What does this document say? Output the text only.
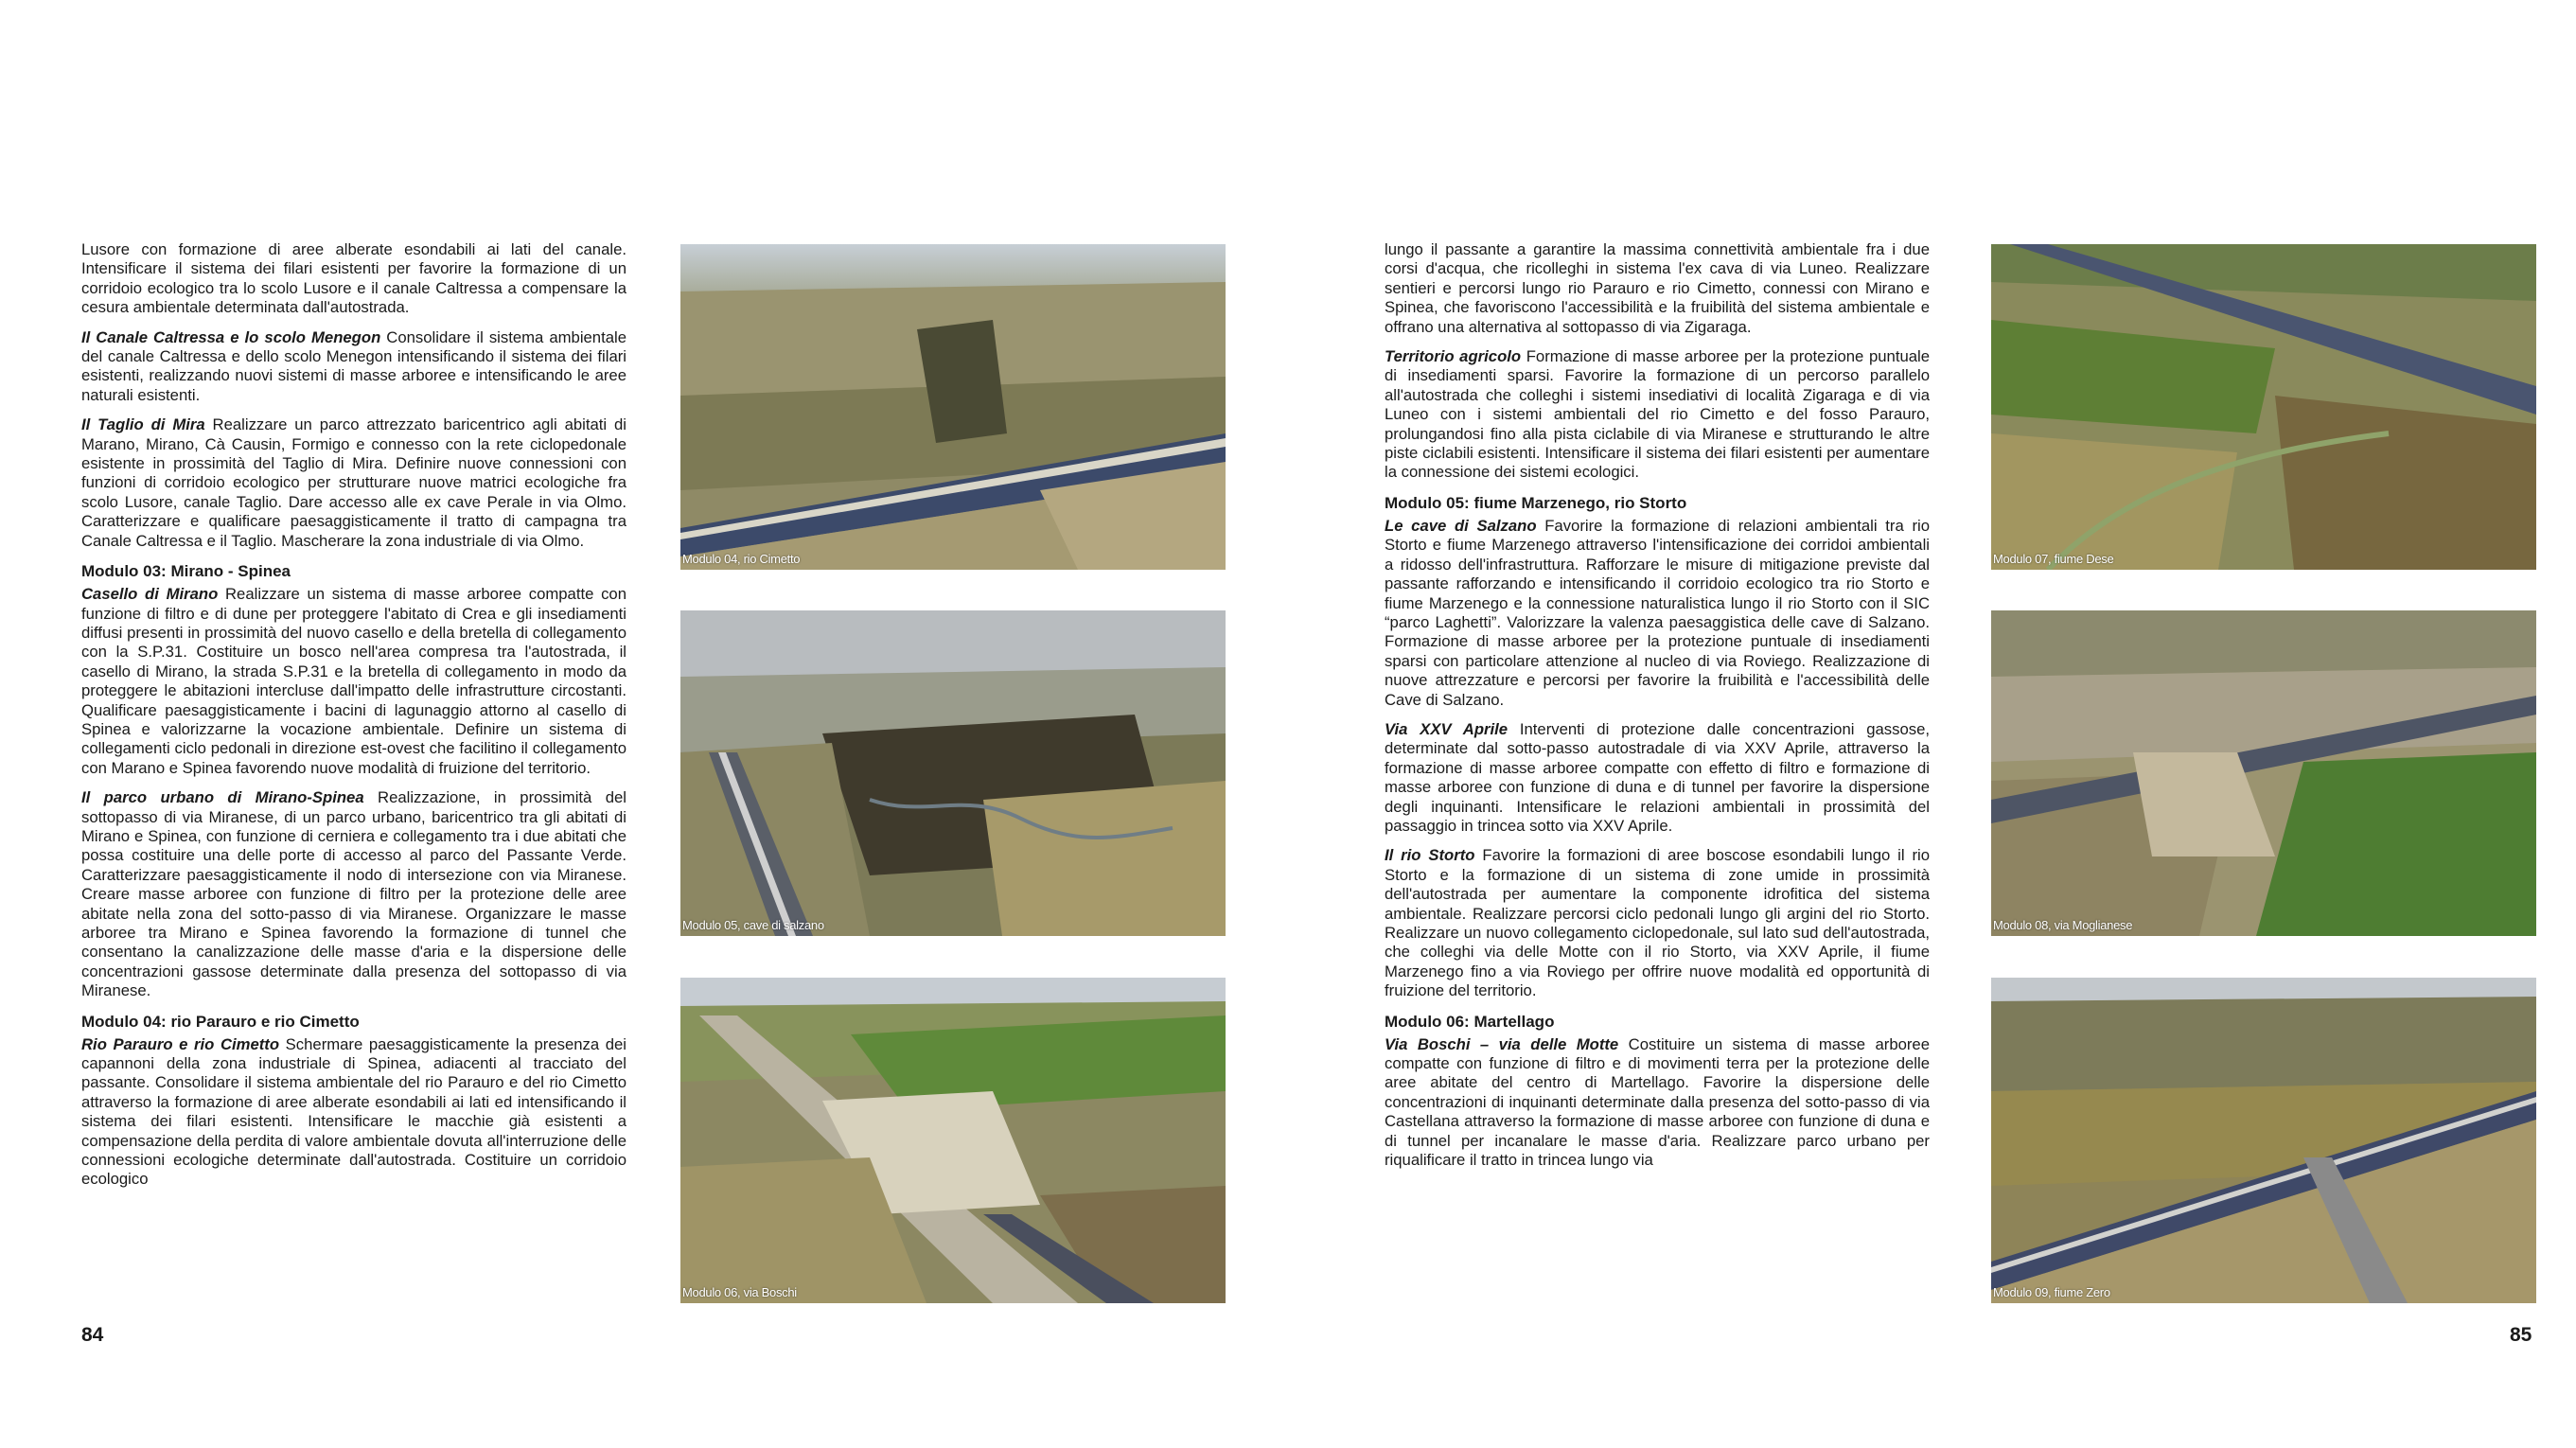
Lusore con formazione di aree alberate esondabili ai lati del canale. Intensificare il sistema dei filari esistenti per favorire la formazione di un corridoio ecologico tra lo scolo Lusore e il canale Caltressa a compensare la cesura ambientale determinata dall'autostrada.

Il Canale Caltressa e lo scolo Menegon Consolidare il sistema ambientale del canale Caltressa e dello scolo Menegon intensificando il sistema dei filari esistenti, realizzando nuovi sistemi di masse arboree e intensificando le aree naturali esistenti.

Il Taglio di Mira Realizzare un parco attrezzato baricentrico agli abitati di Marano, Mirano, Cà Causin, Formigo e connesso con la rete ciclopedonale esistente in prossimità del Taglio di Mira. Definire nuove connessioni con funzioni di corridoio ecologico per strutturare nuove matrici ecologiche fra scolo Lusore, canale Taglio. Dare accesso alle ex cave Perale in via Olmo. Caratterizzare e qualificare paesaggisticamente il tratto di campagna tra Canale Caltressa e il Taglio. Mascherare la zona industriale di via Olmo.

Modulo 03: Mirano - Spinea

Casello di Mirano Realizzare un sistema di masse arboree compatte con funzione di filtro e di dune per proteggere l'abitato di Crea e gli insediamenti diffusi presenti in prossimità del nuovo casello e della bretella di collegamento con la S.P.31. Costituire un bosco nell'area compresa tra l'autostrada, il casello di Mirano, la strada S.P.31 e la bretella di collegamento in modo da proteggere le abitazioni intercluse dall'impatto delle infrastrutture circostanti. Qualificare paesaggisticamente i bacini di lagunaggio attorno al casello di Spinea e valorizzarne la vocazione ambientale. Definire un sistema di collegamenti ciclo pedonali in direzione est-ovest che facilitino il collegamento con Marano e Spinea favorendo nuove modalità di fruizione del territorio.

Il parco urbano di Mirano-Spinea Realizzazione, in prossimità del sottopasso di via Miranese, di un parco urbano, baricentrico tra gli abitati di Mirano e Spinea, con funzione di cerniera e collegamento tra i due abitati che possa costituire una delle porte di accesso al parco del Passante Verde. Caratterizzare paesaggisticamente il nodo di intersezione con via Miranese. Creare masse arboree con funzione di filtro per la protezione delle aree abitate nella zona del sotto-passo di via Miranese. Organizzare le masse arboree tra Mirano e Spinea favorendo la formazione di tunnel che consentano la canalizzazione delle masse d'aria e la dispersione delle concentrazioni gassose determinate dalla presenza del sottopasso di via Miranese.

Modulo 04: rio Parauro e rio Cimetto

Rio Parauro e rio Cimetto Schermare paesaggisticamente la presenza dei capannoni della zona industriale di Spinea, adiacenti al tracciato del passante. Consolidare il sistema ambientale del rio Parauro e del rio Cimetto attraverso la formazione di aree alberate esondabili ai lati ed intensificando il sistema dei filari esistenti. Intensificare le macchie già esistenti a compensazione della perdita di valore ambientale dovuta all'interruzione delle connessioni ecologiche determinate dall'autostrada. Costituire un corridoio ecologico

Modulo 04, rio Cimetto
Modulo 05, cave di salzano
Modulo 06, via Boschi
84

lungo il passante a garantire la massima connettività ambientale fra i due corsi d'acqua, che ricolleghi in sistema l'ex cava di via Luneo. Realizzare sentieri e percorsi lungo rio Parauro e rio Cimetto, connessi con Mirano e Spinea, che favoriscono l'accessibilità e la fruibilità del sistema ambientale e offrano una alternativa al sottopasso di via Zigaraga.

Territorio agricolo Formazione di masse arboree per la protezione puntuale di insediamenti sparsi. Favorire la formazione di un percorso parallelo all'autostrada che colleghi i sistemi insediativi di località Zigaraga e di via Luneo con i sistemi ambientali del rio Cimetto e del fosso Parauro, prolungandosi fino alla pista ciclabile di via Miranese e strutturando le altre piste ciclabili esistenti. Intensificare il sistema dei filari esistenti per aumentare la connessione dei sistemi ecologici.

Modulo 05: fiume Marzenego, rio Storto

Le cave di Salzano Favorire la formazione di relazioni ambientali tra rio Storto e fiume Marzenego attraverso l'intensificazione dei corridoi ambientali a ridosso dell'infrastruttura. Rafforzare le misure di mitigazione previste dal passante rafforzando e intensificando il corridoio ecologico tra rio Storto e fiume Marzenego e la connessione naturalistica lungo il rio Storto con il SIC “parco Laghetti”. Valorizzare la valenza paesaggistica delle cave di Salzano. Formazione di masse arboree per la protezione puntuale di insediamenti sparsi con particolare attenzione al nucleo di via Roviego. Realizzazione di nuove attrezzature e percorsi per favorire la fruibilità e l'accessibilità delle Cave di Salzano.

Via XXV Aprile Interventi di protezione dalle concentrazioni gassose, determinate dal sotto-passo autostradale di via XXV Aprile, attraverso la formazione di masse arboree compatte con effetto di filtro e formazione di masse arboree con funzione di duna e di tunnel per favorire la dispersione degli inquinanti. Intensificare le relazioni ambientali in prossimità del passaggio in trincea sotto via XXV Aprile.

Il rio Storto Favorire la formazioni di aree boscose esondabili lungo il rio Storto e la formazione di un sistema di zone umide in prossimità dell'autostrada per aumentare la componente idrofitica del sistema ambientale. Realizzare percorsi ciclo pedonali lungo gli argini del rio Storto. Realizzare un nuovo collegamento ciclopedonale, sul lato sud dell'autostrada, che colleghi via delle Motte con il rio Storto, via XXV Aprile, il fiume Marzenego fino a via Roviego per offrire nuove modalità ed opportunità di fruizione del territorio.

Modulo 06: Martellago

Via Boschi – via delle Motte Costituire un sistema di masse arboree compatte con funzione di filtro e di movimenti terra per la protezione delle aree abitate del centro di Martellago. Favorire la dispersione delle concentrazioni di inquinanti determinate dalla presenza del sotto-passo di via Castellana attraverso la formazione di masse arboree con funzione di duna e di tunnel per incanalare le masse d'aria. Realizzare parco urbano per riqualificare il tratto in trincea lungo via

Modulo 07, fiume Dese
Modulo 08, via Moglianese
Modulo 09, fiume Zero
85
